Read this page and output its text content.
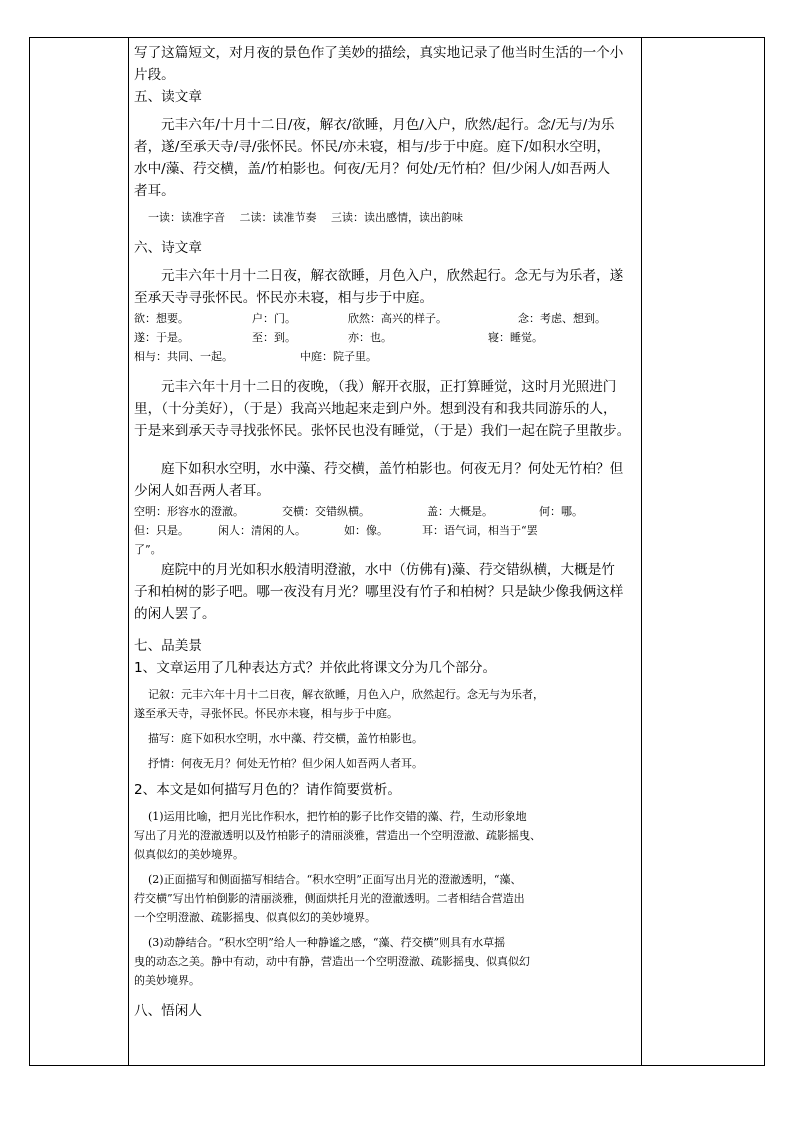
写了这篇短文，对月夜的景色作了美妙的描绘，真实地记录了他当时生活的一个小

片段。

五、读文章

元丰六年/十月十二日/夜，解衣/欲睡，月色/入户，欣然/起行。念/无与/为乐

者，遂/至承天寺/寻/张怀民。怀民/亦未寝，相与/步于中庭。庭下/如积水空明，

水中/藻、荇交横，盖/竹柏影也。何夜/无月？何处/无竹柏？但/少闲人/如吾两人

者耳。

一读：读准字音　 二读：读准节奏　 三读：读出感情，读出韵味

六、诗文章

元丰六年十月十二日夜，解衣欲睡，月色入户，欣然起行。念无与为乐者，遂

至承天寺寻张怀民。怀民亦未寝，相与步于中庭。

欲：想要。	户：门。	欣然：高兴的样子。	念：考虑、想到。
遂：于是。	至：到。	亦：也。	寝：睡觉。
相与：共同、一起。	中庭：院子里。

元丰六年十月十二日的夜晚，（我）解开衣服，正打算睡觉，这时月光照进门

里，（十分美好），（于是）我高兴地起来走到户外。想到没有和我共同游乐的人，

于是来到承天寺寻找张怀民。张怀民也没有睡觉，（于是）我们一起在院子里散步。

庭下如积水空明，水中藻、荇交横，盖竹柏影也。何夜无月？何处无竹柏？但

少闲人如吾两人者耳。

空明：形容水的澄澈。	交横：交错纵横。	盖：大概是。	何：哪。
但：只是。	闲人：清闲的人。	如：像。	耳：语气词，相当于“罢

了”。

庭院中的月光如积水般清明澄澈，水中（仿佛有)藻、荇交错纵横，大概是竹

子和柏树的影子吧。哪一夜没有月光？哪里没有竹子和柏树？只是缺少像我俩这样

的闲人罢了。

七、品美景

1、文章运用了几种表达方式？并依此将课文分为几个部分。

记叙：元丰六年十月十二日夜，解衣欲睡，月色入户，欣然起行。念无与为乐者，

遂至承天寺，寻张怀民。怀民亦未寝，相与步于中庭。

描写：庭下如积水空明，水中藻、荇交横，盖竹柏影也。

抒情：何夜无月？何处无竹柏？但少闲人如吾两人者耳。

2、本文是如何描写月色的？请作简要赏析。

(1)运用比喻，把月光比作积水，把竹柏的影子比作交错的藻、荇，生动形象地

写出了月光的澄澈透明以及竹柏影子的清丽淡雅，营造出一个空明澄澈、疏影摇曳、

似真似幻的美妙境界。

(2)正面描写和侧面描写相结合。“积水空明”正面写出月光的澄澈透明，“藻、

荇交横”写出竹柏倒影的清丽淡雅，侧面烘托月光的澄澈透明。二者相结合营造出

一个空明澄澈、疏影摇曳、似真似幻的美妙境界。

(3)动静结合。“积水空明”给人一种静谧之感，“藻、荇交横”则具有水草摇

曳的动态之美。静中有动，动中有静，营造出一个空明澄澈、疏影摇曳、似真似幻

的美妙境界。

八、悟闲人
